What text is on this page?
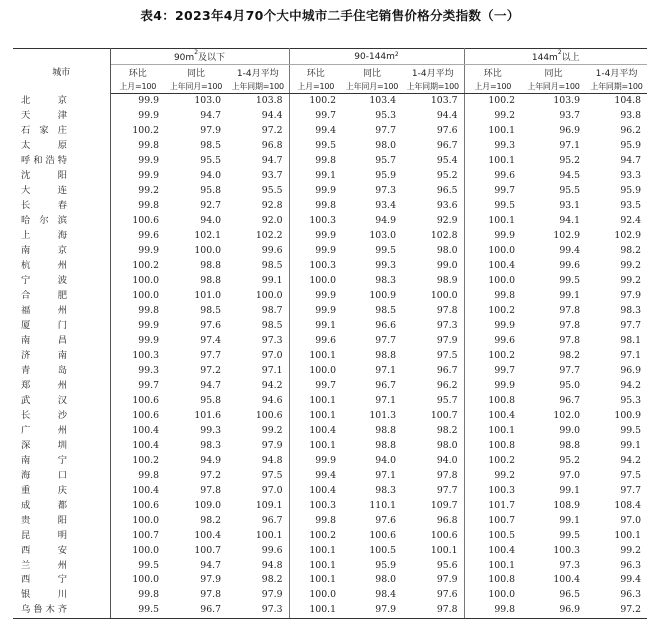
表4：2023年4月70个大中城市二手住宅销售价格分类指数（一）
城市	$90m^2$及以下			$90-144m^2$			$144m^2$以上		
	环比	同比	1-4月平均	环比	同比	1-4月平均	环比	同比	1-4月平均
	上月=100	上年同月=100	上年同期=100	上月=100	上年同月=100	上年同期=100	上月=100	上年同月=100	上年同期=100

北　京	99.9	103.0	103.8	100.2	103.4	103.7	100.2	103.9	104.8

天　津	99.9	94.7	94.4	99.7	95.3	94.4	99.2	93.7	93.8

石家庄	100.2	97.9	97.2	99.4	97.7	97.6	100.1	96.9	96.2

太　原	99.8	98.5	96.8	99.5	98.0	96.7	99.3	97.1	95.9

呼和浩特	99.9	95.5	94.7	99.8	95.7	95.4	100.1	95.2	94.7

沈　阳	99.9	94.0	93.7	99.1	95.9	95.2	99.6	94.5	93.3

大　连	99.2	95.8	95.5	99.9	97.3	96.5	99.7	95.5	95.9

长　春	99.8	92.7	92.8	99.8	93.4	93.6	99.5	93.1	93.5

哈尔滨	100.6	94.0	92.0	100.3	94.9	92.9	100.1	94.1	92.4

上　海	99.6	102.1	102.2	99.9	103.0	102.8	99.9	102.9	102.9

南　京	99.9	100.0	99.6	99.9	99.5	98.0	100.0	99.4	98.2

杭　州	100.2	98.8	98.5	100.3	99.3	99.0	100.4	99.6	99.2

宁　波	100.0	98.8	99.1	100.0	98.3	98.9	100.0	99.5	99.2

合　肥	100.0	101.0	100.0	99.9	100.9	100.0	99.8	99.1	97.9

福　州	99.8	98.5	98.7	99.9	98.5	97.8	100.2	97.8	98.3

厦　门	99.9	97.6	98.5	99.1	96.6	97.3	99.9	97.8	97.7

南　昌	99.9	97.4	97.3	99.6	97.7	97.9	99.6	97.8	98.1

济　南	100.3	97.7	97.0	100.1	98.8	97.5	100.2	98.2	97.1

青　岛	99.3	97.2	97.1	100.0	97.1	96.7	99.7	97.7	96.9

郑　州	99.7	94.7	94.2	99.7	96.7	96.2	99.9	95.0	94.2

武　汉	100.6	95.8	94.6	100.1	97.1	95.7	100.8	96.7	95.3

长　沙	100.6	101.6	100.6	100.1	101.3	100.7	100.4	102.0	100.9

广　州	100.4	99.3	99.2	100.4	98.8	98.2	100.1	99.0	99.5

深　圳	100.4	98.3	97.9	100.1	98.8	98.0	100.8	98.8	99.1

南　宁	100.2	94.9	94.8	99.9	94.0	94.0	100.2	95.2	94.2

海　口	99.8	97.2	97.5	99.4	97.1	97.8	99.2	97.0	97.5

重　庆	100.4	97.8	97.0	100.4	98.3	97.7	100.3	99.1	97.7

成　都	100.6	109.0	109.1	100.3	110.1	109.7	101.7	108.9	108.4

贵　阳	100.0	98.2	96.7	99.8	97.6	96.8	100.7	99.1	97.0

昆　明	100.7	100.4	100.1	100.2	100.6	100.6	100.5	99.5	100.1

西　安	100.0	100.7	99.6	100.1	100.5	100.1	100.4	100.3	99.2

兰　州	99.5	94.7	94.8	100.1	95.9	95.6	100.1	97.3	96.3

西　宁	100.0	97.9	98.2	100.1	98.0	97.9	100.8	100.4	99.4

银　川	99.8	97.8	97.9	100.0	98.4	97.6	100.0	96.5	96.3

乌鲁木齐	99.5	96.7	97.3	100.1	97.9	97.8	99.8	96.9	97.2
